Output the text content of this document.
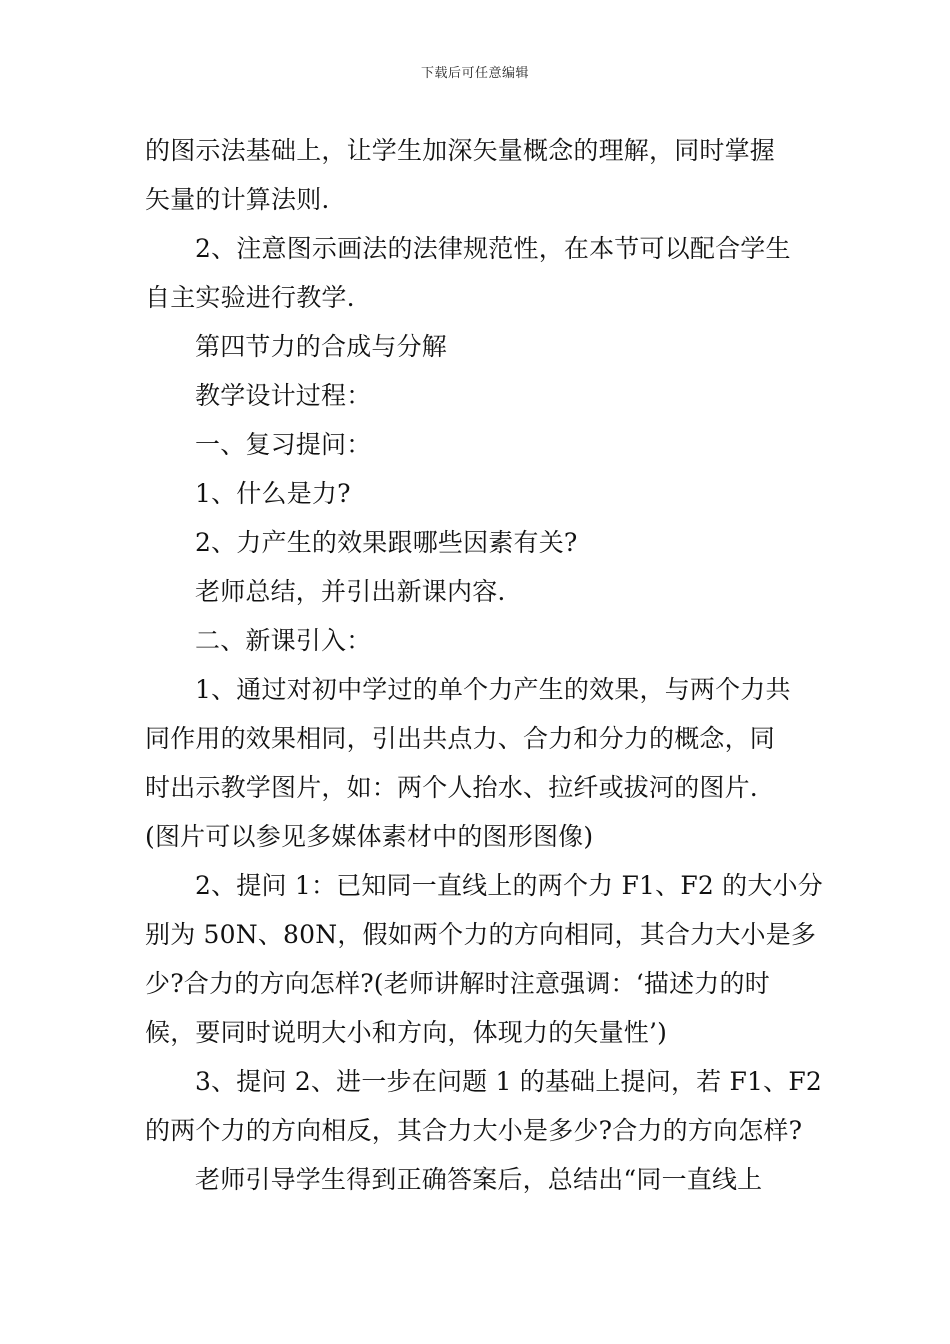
下载后可任意编辑
的图示法基础上，让学生加深矢量概念的理解，同时掌握
矢量的计算法则.
2、注意图示画法的法律规范性，在本节可以配合学生
自主实验进行教学.
第四节力的合成与分解
教学设计过程：
一、复习提问：
1、什么是力?
2、力产生的效果跟哪些因素有关?
老师总结，并引出新课内容.
二、新课引入：
1、通过对初中学过的单个力产生的效果，与两个力共
同作用的效果相同，引出共点力、合力和分力的概念，同
时出示教学图片，如：两个人抬水、拉纤或拔河的图片.
(图片可以参见多媒体素材中的图形图像)
2、提问 1：已知同一直线上的两个力 F1、F2 的大小分
别为 50N、80N，假如两个力的方向相同，其合力大小是多
少?合力的方向怎样?(老师讲解时注意强调：‘描述力的时
候，要同时说明大小和方向，体现力的矢量性’)
3、提问 2、进一步在问题 1 的基础上提问，若 F1、F2
的两个力的方向相反，其合力大小是多少?合力的方向怎样?
老师引导学生得到正确答案后，总结出“同一直线上
